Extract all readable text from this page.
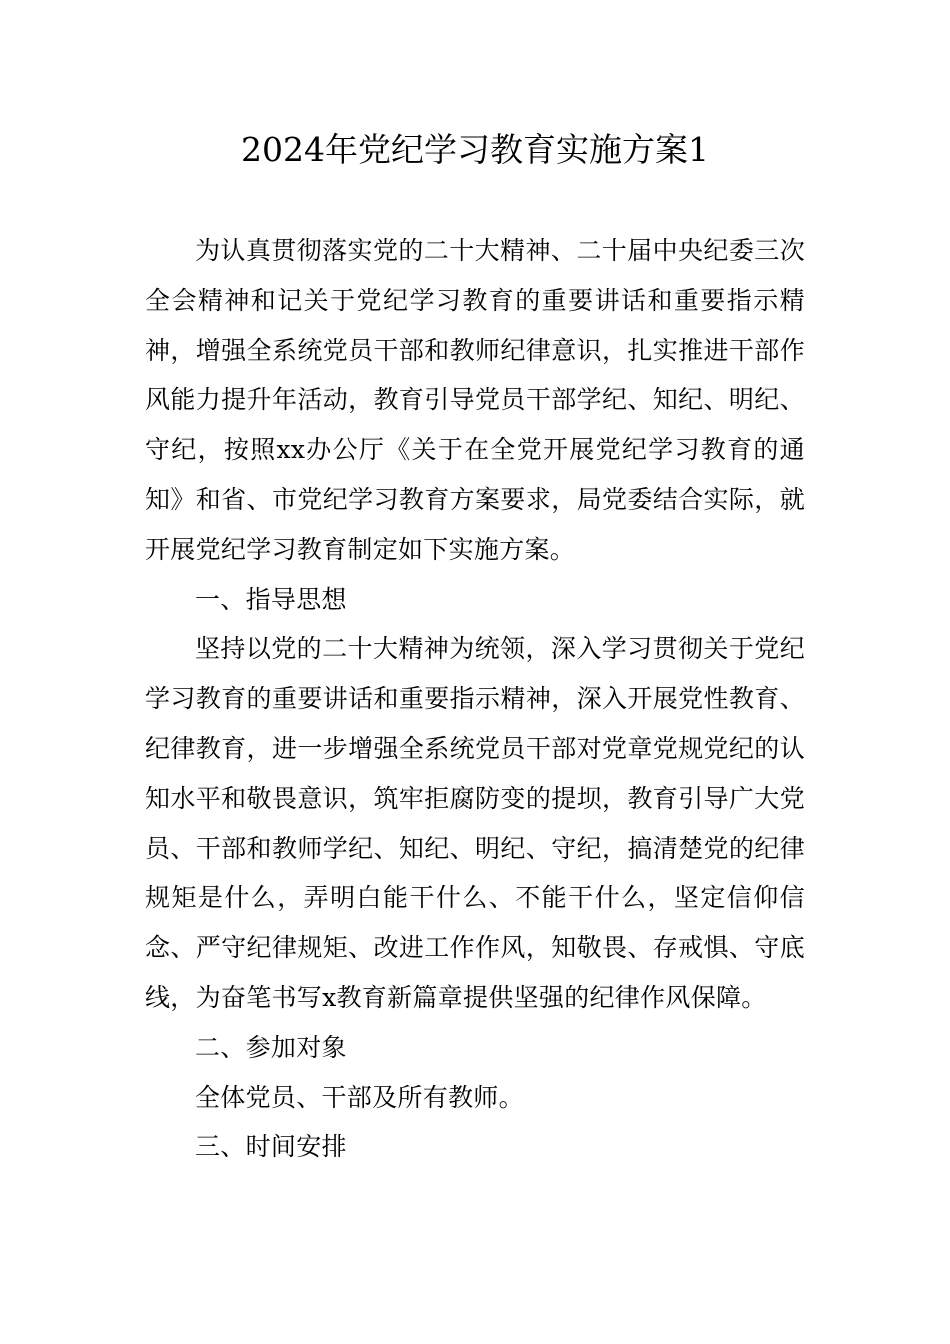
2024年党纪学习教育实施方案1

为认真贯彻落实党的二十大精神、二十届中央纪委三次全会精神和记关于党纪学习教育的重要讲话和重要指示精神，增强全系统党员干部和教师纪律意识，扎实推进干部作风能力提升年活动，教育引导党员干部学纪、知纪、明纪、守纪，按照xx办公厅《关于在全党开展党纪学习教育的通知》和省、市党纪学习教育方案要求，局党委结合实际，就开展党纪学习教育制定如下实施方案。

一、指导思想

坚持以党的二十大精神为统领，深入学习贯彻关于党纪学习教育的重要讲话和重要指示精神，深入开展党性教育、纪律教育，进一步增强全系统党员干部对党章党规党纪的认知水平和敬畏意识，筑牢拒腐防变的提坝，教育引导广大党员、干部和教师学纪、知纪、明纪、守纪，搞清楚党的纪律规矩是什么，弄明白能干什么、不能干什么，坚定信仰信念、严守纪律规矩、改进工作作风，知敬畏、存戒惧、守底线，为奋笔书写x教育新篇章提供坚强的纪律作风保障。

二、参加对象

全体党员、干部及所有教师。

三、时间安排
